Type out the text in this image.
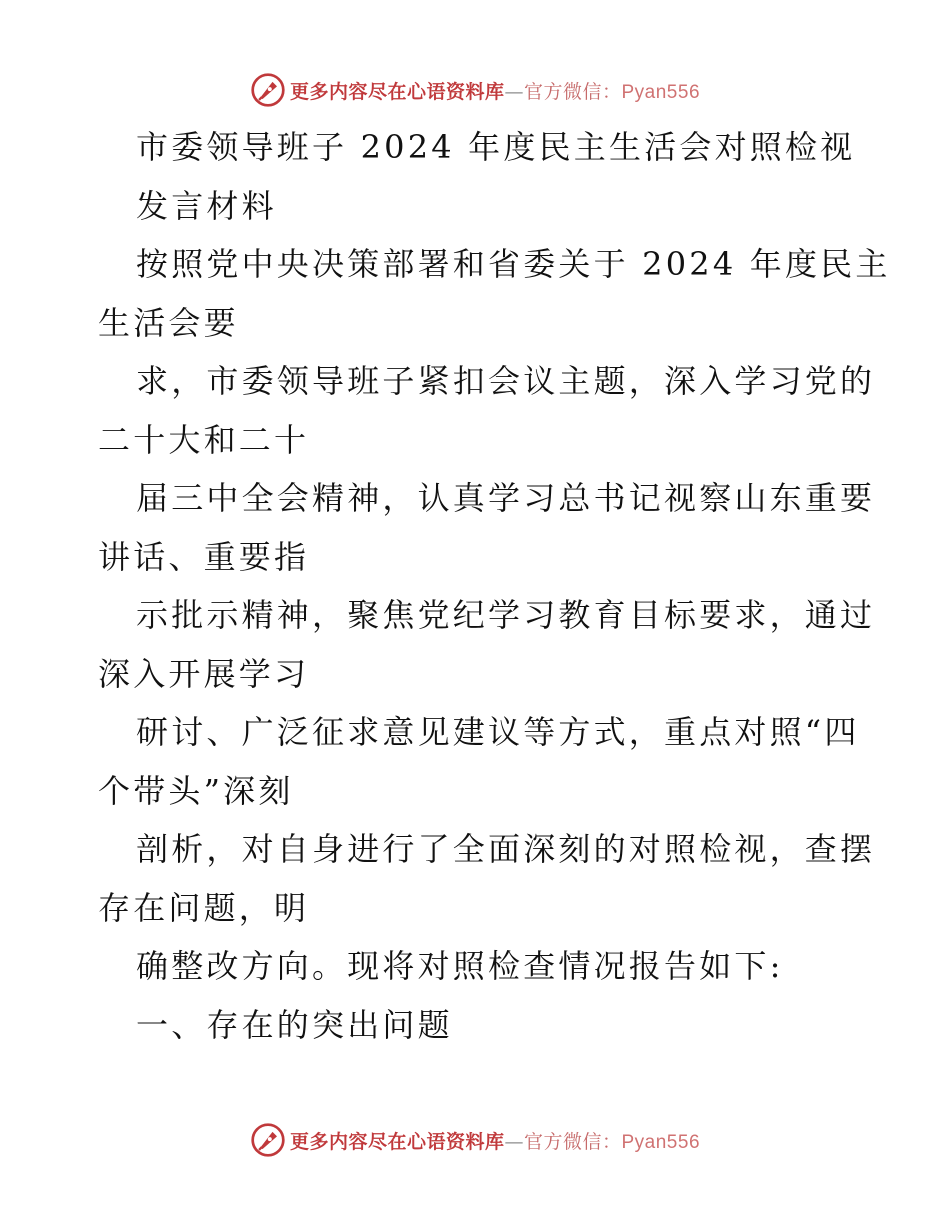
更多内容尽在心语资料库—官方微信：Pyan556
市委领导班子 2024 年度民主生活会对照检视
发言材料
按照党中央决策部署和省委关于 2024 年度民主
生活会要
求，市委领导班子紧扣会议主题，深入学习党的
二十大和二十
届三中全会精神，认真学习总书记视察山东重要
讲话、重要指
示批示精神，聚焦党纪学习教育目标要求，通过
深入开展学习
研讨、广泛征求意见建议等方式，重点对照“四
个带头”深刻
剖析，对自身进行了全面深刻的对照检视，查摆
存在问题，明
确整改方向。现将对照检查情况报告如下:
一、存在的突出问题
更多内容尽在心语资料库—官方微信：Pyan556
